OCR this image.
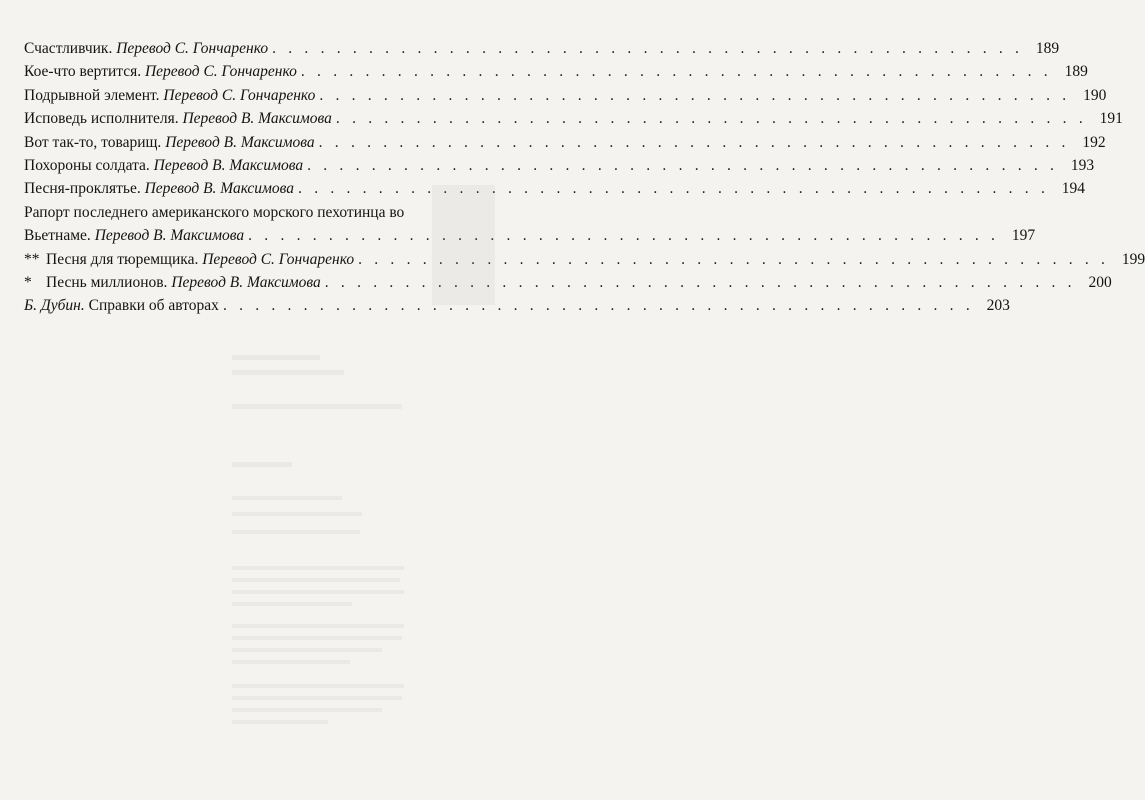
Счастливчик. Перевод С. Гончаренко . . . . . . . . . . . . . . . . . . . . . . . . . . . . . . . . . . . . . . . . . . . . . . . 189
Кое-что вертится. Перевод С. Гончаренко . . . . . . . . . . . . . . . . . . . . . . . . . . . . . . . . . . . . . . . . . . . . . . . 189
Подрывной элемент. Перевод С. Гончаренко . . . . . . . . . . . . . . . . . . . . . . . . . . . . . . . . . . . . . . . . . . . . . . . 190
Исповедь исполнителя. Перевод В. Максимова . . . . . . . . . . . . . . . . . . . . . . . . . . . . . . . . . . . . . . . . . . . . . . . 191
Вот так-то, товарищ. Перевод В. Максимова . . . . . . . . . . . . . . . . . . . . . . . . . . . . . . . . . . . . . . . . . . . . . . . 192
Похороны солдата. Перевод В. Максимова . . . . . . . . . . . . . . . . . . . . . . . . . . . . . . . . . . . . . . . . . . . . . . . 193
Песня-проклятье. Перевод В. Максимова . . . . . . . . . . . . . . . . . . . . . . . . . . . . . . . . . . . . . . . . . . . . . . . 194
Рапорт последнего американского морского пехотинца во
Вьетнаме. Перевод В. Максимова . . . . . . . . . . . . . . . . . . . . . . . . . . . . . . . . . . . . . . . . . . . . . . . 197
** Песня для тюремщика. Перевод С. Гончаренко . . . . . . . . . . . . . . . . . . . . . . . . . . . . . . . . . . . . . . . . . . . . . . . 199
* Песнь миллионов. Перевод В. Максимова . . . . . . . . . . . . . . . . . . . . . . . . . . . . . . . . . . . . . . . . . . . . . . . 200
Б. Дубин. Справки об авторах . . . . . . . . . . . . . . . . . . . . . . . . . . . . . . . . . . . . . . . . . . . . . . . 203
